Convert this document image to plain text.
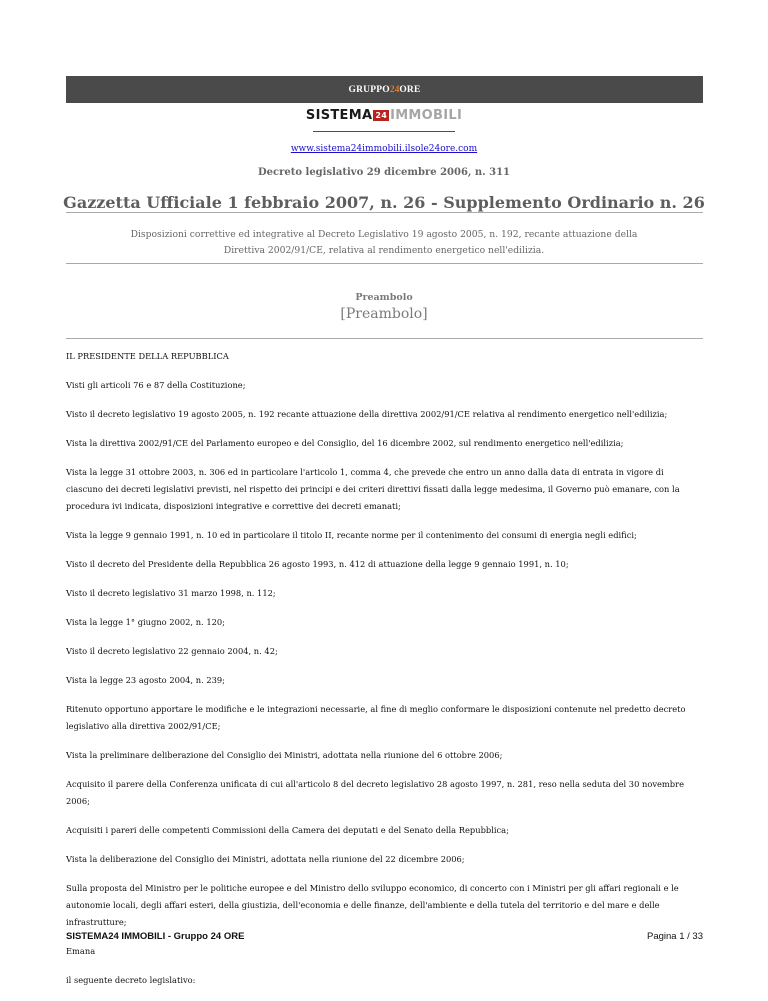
GRUPPO 24 ORE
SISTEMA 24 IMMOBILI
www.sistema24immobili.ilsole24ore.com
Decreto legislativo 29 dicembre 2006, n. 311
Gazzetta Ufficiale 1 febbraio 2007, n. 26 - Supplemento Ordinario n. 26
Disposizioni correttive ed integrative al Decreto Legislativo 19 agosto 2005, n. 192, recante attuazione della Direttiva 2002/91/CE, relativa al rendimento energetico nell'edilizia.
Preambolo
[Preambolo]
IL PRESIDENTE DELLA REPUBBLICA
Visti gli articoli 76 e 87 della Costituzione;
Visto il decreto legislativo 19 agosto 2005, n. 192 recante attuazione della direttiva 2002/91/CE relativa al rendimento energetico nell'edilizia;
Vista la direttiva 2002/91/CE del Parlamento europeo e del Consiglio, del 16 dicembre 2002, sul rendimento energetico nell'edilizia;
Vista la legge 31 ottobre 2003, n. 306 ed in particolare l'articolo 1, comma 4, che prevede che entro un anno dalla data di entrata in vigore di ciascuno dei decreti legislativi previsti, nel rispetto dei principi e dei criteri direttivi fissati dalla legge medesima, il Governo può emanare, con la procedura ivi indicata, disposizioni integrative e correttive dei decreti emanati;
Vista la legge 9 gennaio 1991, n. 10 ed in particolare il titolo II, recante norme per il contenimento dei consumi di energia negli edifici;
Visto il decreto del Presidente della Repubblica 26 agosto 1993, n. 412 di attuazione della legge 9 gennaio 1991, n. 10;
Visto il decreto legislativo 31 marzo 1998, n. 112;
Vista la legge 1° giugno 2002, n. 120;
Visto il decreto legislativo 22 gennaio 2004, n. 42;
Vista la legge 23 agosto 2004, n. 239;
Ritenuto opportuno apportare le modifiche e le integrazioni necessarie, al fine di meglio conformare le disposizioni contenute nel predetto decreto legislativo alla direttiva 2002/91/CE;
Vista la preliminare deliberazione del Consiglio dei Ministri, adottata nella riunione del 6 ottobre 2006;
Acquisito il parere della Conferenza unificata di cui all'articolo 8 del decreto legislativo 28 agosto 1997, n. 281, reso nella seduta del 30 novembre 2006;
Acquisiti i pareri delle competenti Commissioni della Camera dei deputati e del Senato della Repubblica;
Vista la deliberazione del Consiglio dei Ministri, adottata nella riunione del 22 dicembre 2006;
Sulla proposta del Ministro per le politiche europee e del Ministro dello sviluppo economico, di concerto con i Ministri per gli affari regionali e le autonomie locali, degli affari esteri, della giustizia, dell'economia e delle finanze, dell'ambiente e della tutela del territorio e del mare e delle infrastrutture;
Emana
il seguente decreto legislativo:
SISTEMA24 IMMOBILI - Gruppo 24 ORE	Pagina 1 / 33
